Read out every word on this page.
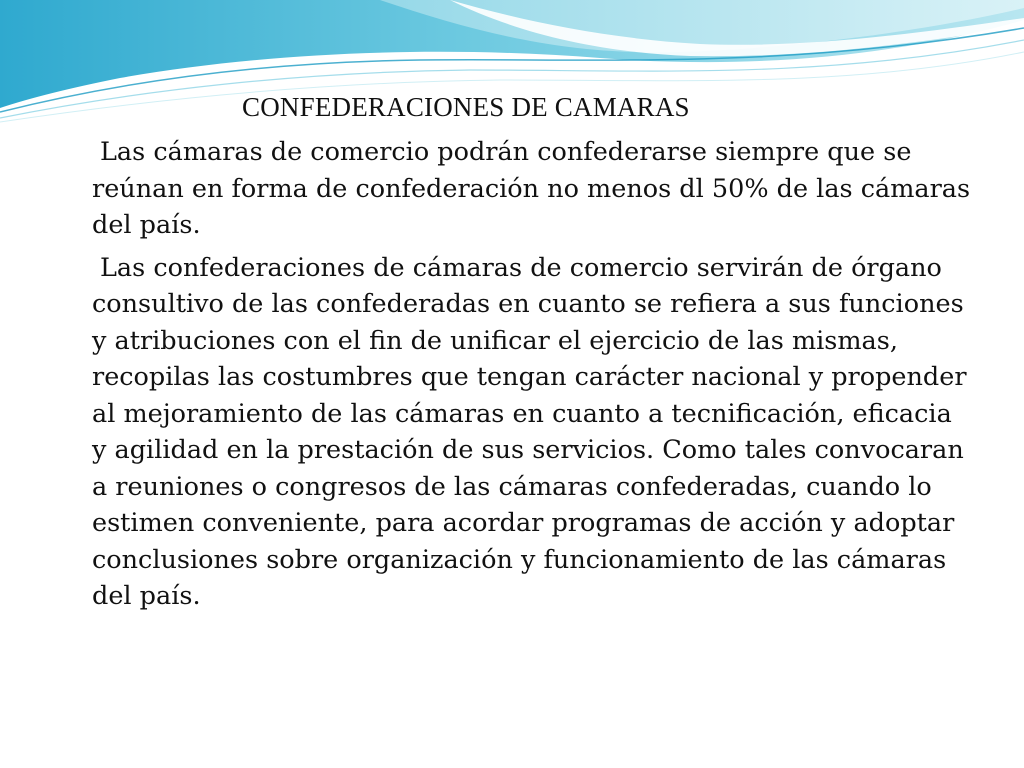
CONFEDERACIONES DE CAMARAS

Las cámaras de comercio podrán confederarse siempre que se reúnan en forma de confederación no menos dl 50% de las cámaras del país.

Las confederaciones de cámaras de comercio servirán de órgano consultivo de las confederadas en cuanto se refiera a sus funciones y atribuciones con el fin de unificar el ejercicio de las mismas, recopilas las costumbres que tengan carácter nacional y propender al mejoramiento de las cámaras en cuanto a tecnificación, eficacia y agilidad en la prestación de sus servicios. Como tales convocaran a reuniones o congresos de las cámaras confederadas, cuando lo estimen conveniente, para acordar programas de acción y adoptar conclusiones sobre organización y funcionamiento de las cámaras del país.
